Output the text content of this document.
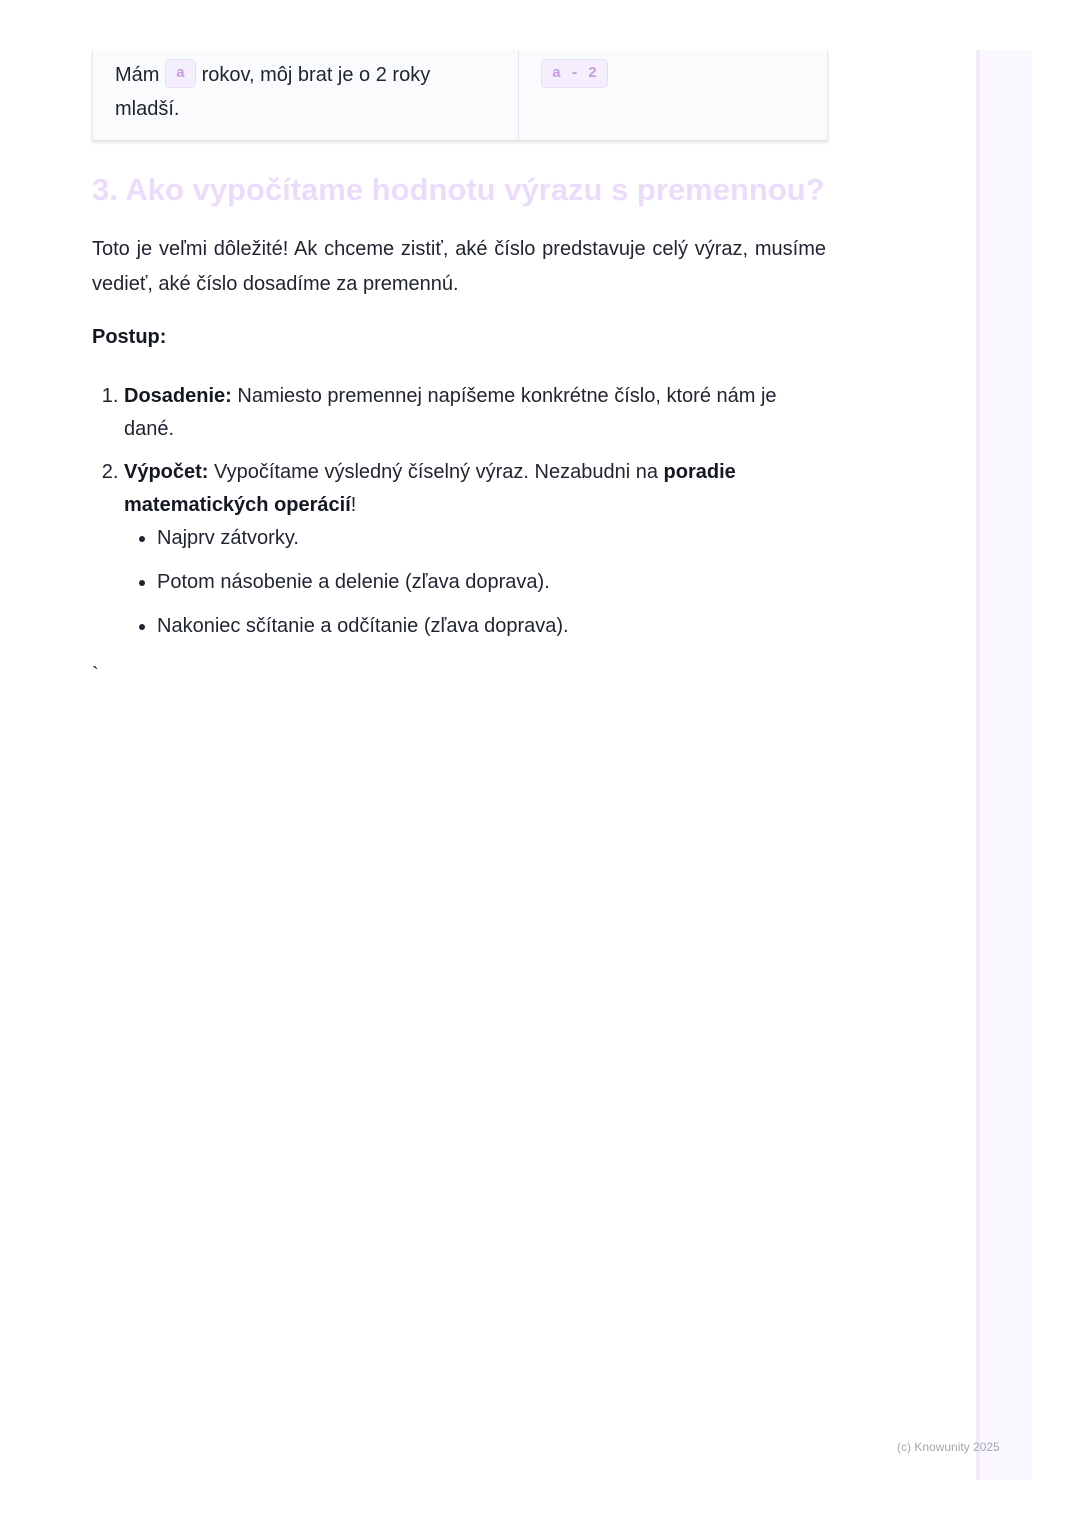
Mám a rokov, môj brat je o 2 roky mladší.
a - 2
3. Ako vypočítame hodnotu výrazu s premennou?

Toto je veľmi dôležité! Ak chceme zistiť, aké číslo predstavuje celý výraz, musíme vedieť, aké číslo dosadíme za premennú.

Postup:

1. Dosadenie: Namiesto premennej napíšeme konkrétne číslo, ktoré nám je dané.
2. Výpočet: Vypočítame výsledný číselný výraz. Nezabudni na poradie matematických operácií!
• Najprv zátvorky.
• Potom násobenie a delenie (zľava doprava).
• Nakoniec sčítanie a odčítanie (zľava doprava).
`
(c) Knowunity 2025
